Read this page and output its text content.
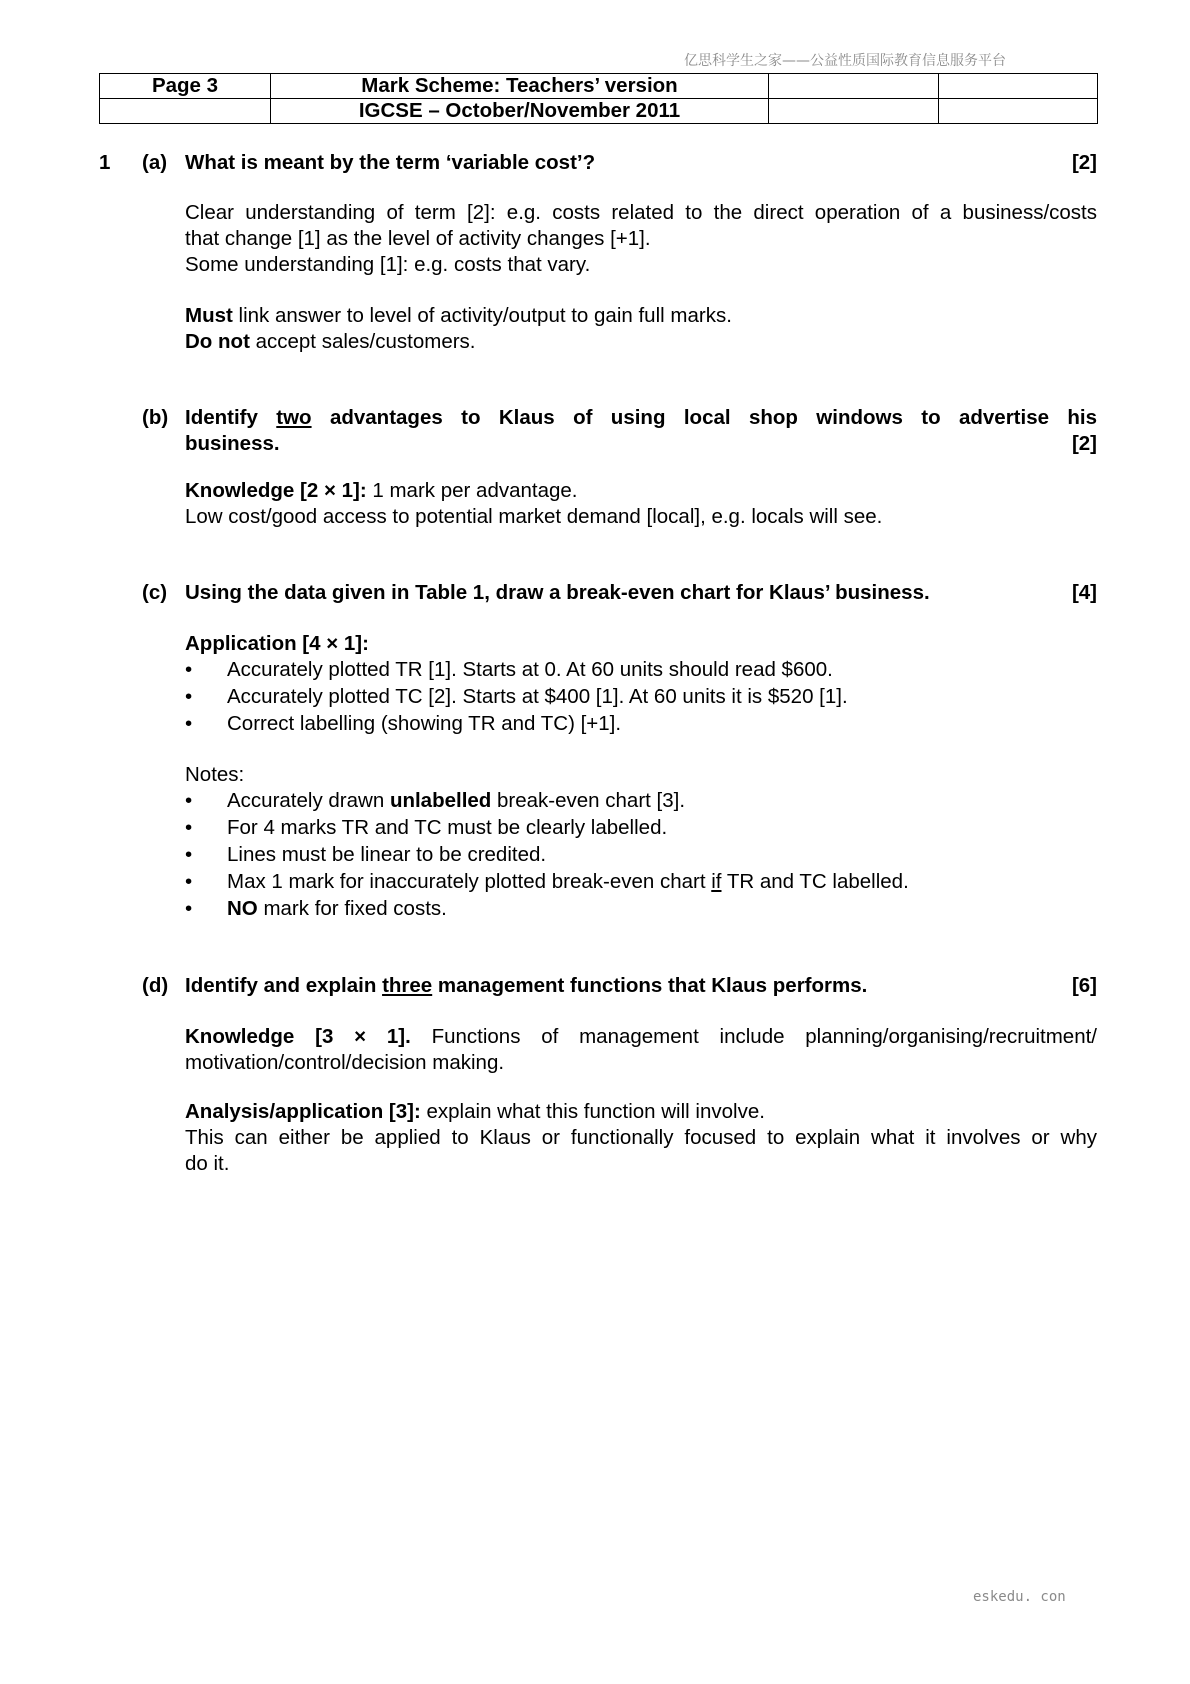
亿思科学生之家——公益性质国际教育信息服务平台
Page 3	Mark Scheme: Teachers’ version		
	IGCSE – October/November 2011		
1 (a) What is meant by the term ‘variable cost’?	[2]

Clear understanding of term [2]: e.g. costs related to the direct operation of a business/costs

that change [1] as the level of activity changes [+1].

Some understanding [1]: e.g. costs that vary.

Must link answer to level of activity/output to gain full marks.

Do not accept sales/customers.

(b) Identify two advantages to Klaus of using local shop windows to advertise his

business.	[2]

Knowledge [2 × 1]: 1 mark per advantage.

Low cost/good access to potential market demand [local], e.g. locals will see.

(c) Using the data given in Table 1, draw a break-even chart for Klaus’ business.	[4]

Application [4 × 1]:

• Accurately plotted TR [1]. Starts at 0. At 60 units should read $600.
• Accurately plotted TC [2]. Starts at $400 [1]. At 60 units it is $520 [1].
• Correct labelling (showing TR and TC) [+1].

Notes:

• Accurately drawn unlabelled break-even chart [3].
• For 4 marks TR and TC must be clearly labelled.
• Lines must be linear to be credited.
• Max 1 mark for inaccurately plotted break-even chart if TR and TC labelled.
• NO mark for fixed costs.
(d) Identify and explain three management functions that Klaus performs.	[6]

Knowledge [3 × 1]. Functions of management include planning/organising/recruitment/

motivation/control/decision making.

Analysis/application [3]: explain what this function will involve.

This can either be applied to Klaus or functionally focused to explain what it involves or why

do it.

eskedu. con
